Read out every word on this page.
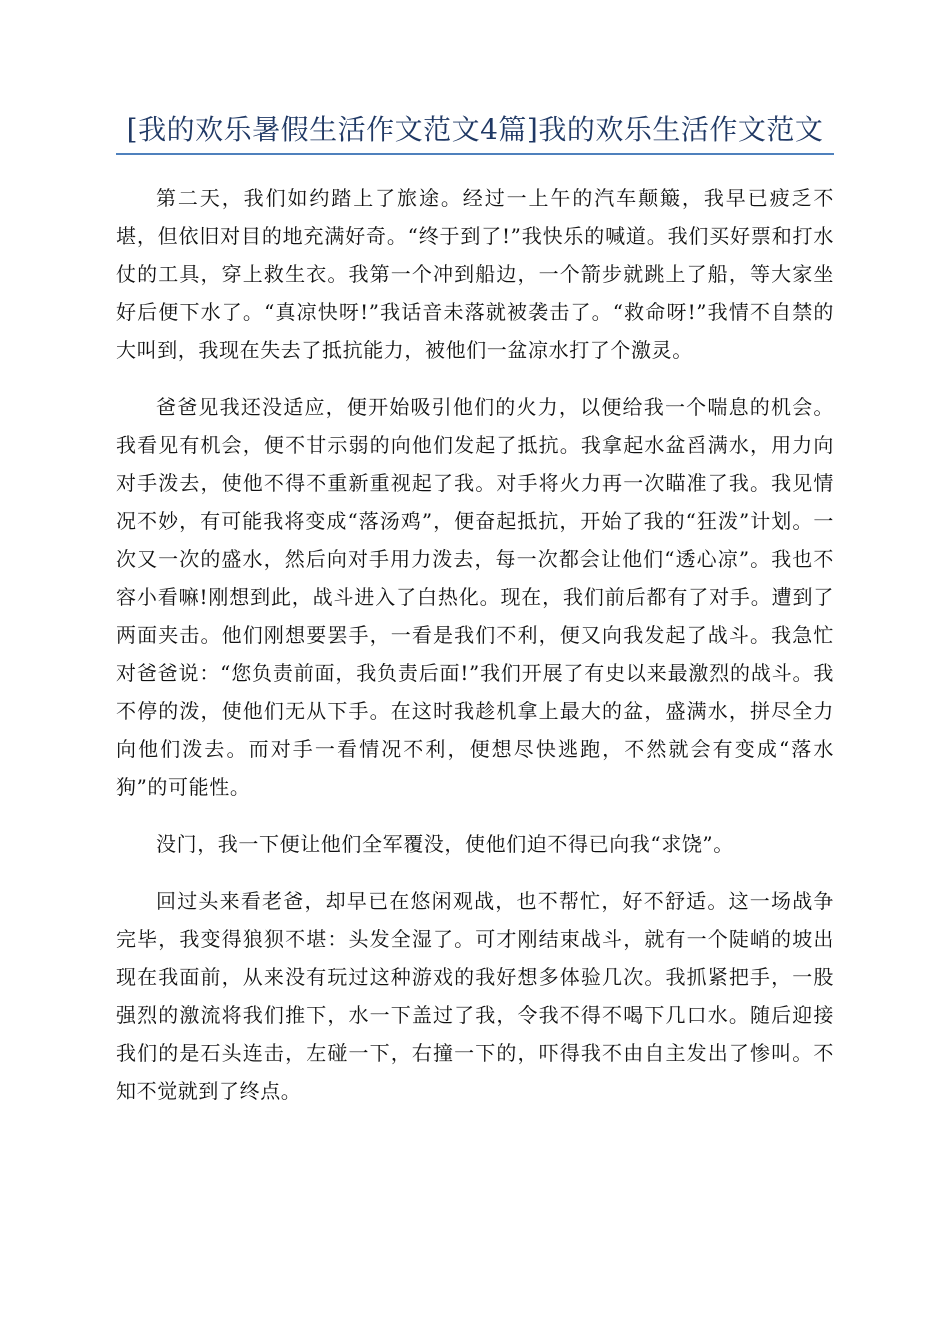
[我的欢乐暑假生活作文范文4篇]我的欢乐生活作文范文

第二天，我们如约踏上了旅途。经过一上午的汽车颠簸，我早已疲乏不堪，但依旧对目的地充满好奇。“终于到了!”我快乐的喊道。我们买好票和打水仗的工具，穿上救生衣。我第一个冲到船边，一个箭步就跳上了船，等大家坐好后便下水了。“真凉快呀!”我话音未落就被袭击了。“救命呀!”我情不自禁的大叫到，我现在失去了抵抗能力，被他们一盆凉水打了个激灵。

爸爸见我还没适应，便开始吸引他们的火力，以便给我一个喘息的机会。我看见有机会，便不甘示弱的向他们发起了抵抗。我拿起水盆舀满水，用力向对手泼去，使他不得不重新重视起了我。对手将火力再一次瞄准了我。我见情况不妙，有可能我将变成“落汤鸡”，便奋起抵抗，开始了我的“狂泼”计划。一次又一次的盛水，然后向对手用力泼去，每一次都会让他们“透心凉”。我也不容小看嘛!刚想到此，战斗进入了白热化。现在，我们前后都有了对手。遭到了两面夹击。他们刚想要罢手，一看是我们不利，便又向我发起了战斗。我急忙对爸爸说：“您负责前面，我负责后面!”我们开展了有史以来最激烈的战斗。我不停的泼，使他们无从下手。在这时我趁机拿上最大的盆，盛满水，拼尽全力向他们泼去。而对手一看情况不利，便想尽快逃跑，不然就会有变成“落水狗”的可能性。

没门，我一下便让他们全军覆没，使他们迫不得已向我“求饶”。

回过头来看老爸，却早已在悠闲观战，也不帮忙，好不舒适。这一场战争完毕，我变得狼狈不堪：头发全湿了。可才刚结束战斗，就有一个陡峭的坡出现在我面前，从来没有玩过这种游戏的我好想多体验几次。我抓紧把手，一股强烈的激流将我们推下，水一下盖过了我，令我不得不喝下几口水。随后迎接我们的是石头连击，左碰一下，右撞一下的，吓得我不由自主发出了惨叫。不知不觉就到了终点。
